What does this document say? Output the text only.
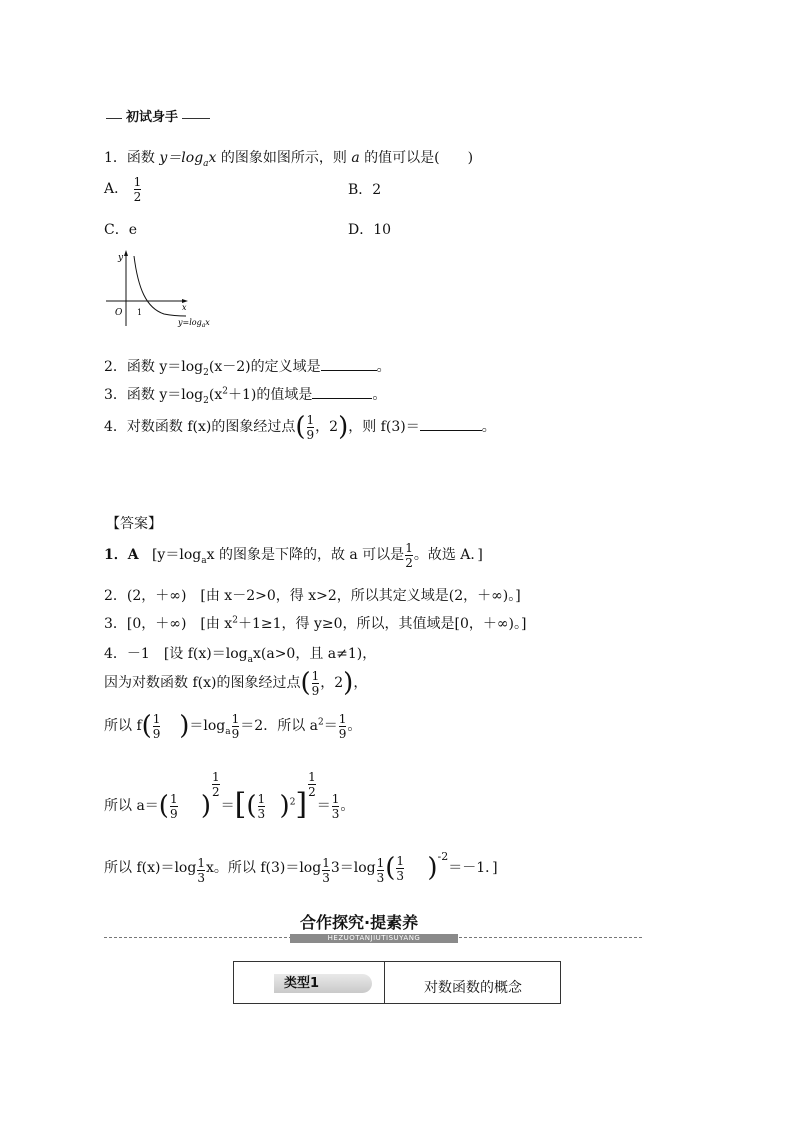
初试身手
1．函数 $y=\log_ax$ 的图象如图所示，则 a 的值可以是(　　)
A． $\frac{1}{2}$	B．2
C．e	D．10
y
x
O 1
$y=\log_ax$
2．函数 $y=\log_2(x-2)$的定义域是	。
3．函数 $y=\log_2(x^2+1)$的值域是	。
4．对数函数 f(x)的图象经过点( $\frac{1}{9}$ ，2)，则 f(3)＝	。
【答案】
1．A [$y=\log_ax$ 的图象是下降的，故 a 可以是 $\frac{1}{2}$ 。故选 A．]
2．(2，＋∞)　[由 x－2>0，得 x>2，所以其定义域是(2，＋∞)。]
3．[0，＋∞)　[由 $x^2+1\ge 1$，得 y≥0，所以，其值域是[0，＋∞)。]
4．－1　[设 $f(x)=\log_ax(a>0$，且 a≠1)，
因为对数函数 f(x)的图象经过点( $\frac{1}{9}$ ，2)，
所以 $f( \frac{1}{9} )=\log_a \frac{1}{9} =2$．所以 $a^2= \frac{1}{9}$ 。
所以 $a=( \frac{1}{9}$ )
$\frac{1}{2}$
＝[( $\frac{1}{3} )^2$]
$\frac{1}{2}$
＝ $\frac{1}{3}$ 。
所以 $f(x)=\log \frac{1}{3}$ x。所以 $f(3)=\log \frac{1}{3} 3=\log \frac{1}{3}$ ( $\frac{1}{3} )^{-2}=-1$．]
合作探究·提素养
HEZUOTANJIUTISUYANG
类型1	对数函数的概念
